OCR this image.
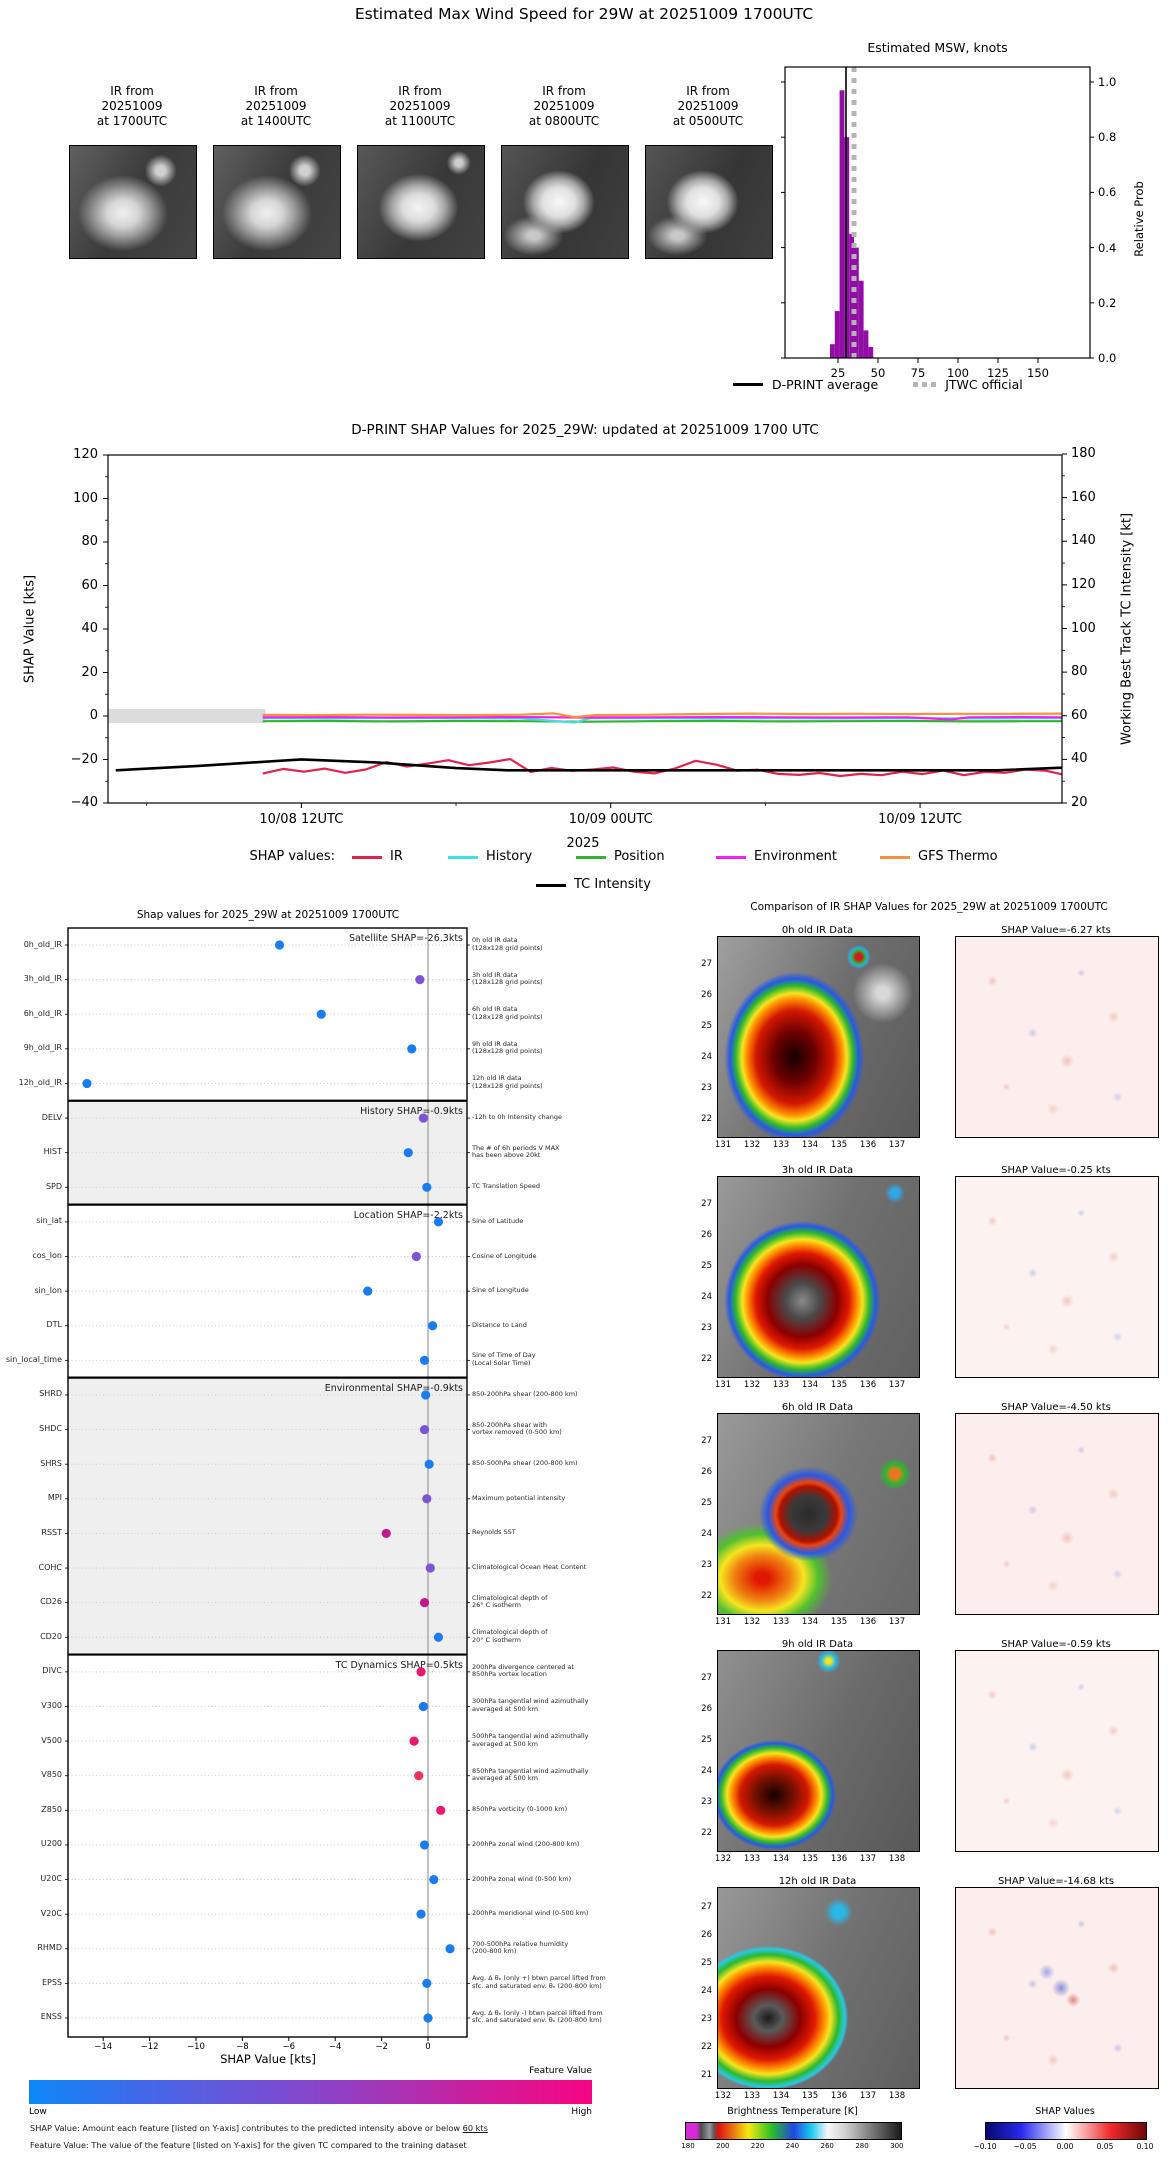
Estimated Max Wind Speed for 29W at 20251009 1700UTC
Estimated MSW, knots
Relative Prob
D-PRINT average	JTWC official
D-PRINT SHAP Values for 2025_29W: updated at 20251009 1700 UTC
SHAP Value [kts]	Working Best Track TC Intensity [kt]
2025
SHAP values:
Shap values for 2025_29W at 20251009 1700UTC
SHAP Value [kts]
Feature Value
Low	High
SHAP Value: Amount each feature [listed on Y-axis] contributes to the predicted intensity above or below 60 kts
Feature Value: The value of the feature [listed on Y-axis] for the given TC compared to the training dataset
Comparison of IR SHAP Values for 2025_29W at 20251009 1700UTC
Brightness Temperature [K]	SHAP Values
IR from
20251009
at 1700UTC
IR from
20251009
at 1400UTC
IR from
20251009
at 1100UTC
IR from
20251009
at 0800UTC
IR from
20251009
at 0500UTC
25	50	75	100	125	150
0.0
0.2
0.4
0.6
0.8
1.0
120
100
80
60
40
20
0
−20
−40
180
160
140
120
100
80
60
40
20
10/08 12UTC	10/09 00UTC	10/09 12UTC
IR	History	Position	Environment	GFS Thermo
TC Intensity
0h_old_IR	0h old IR data
(128x128 grid points)
3h_old_IR	3h old IR data
(128x128 grid points)
6h_old_IR	6h old IR data
(128x128 grid points)
9h_old_IR	9h old IR data
(128x128 grid points)
12h_old_IR	12h old IR data
(128x128 grid points)
Satellite SHAP=-26.3kts
DELV	-12h to 0h Intensity change
HIST	The # of 6h periods V MAX
has been above 20kt
SPD	TC Translation Speed
History SHAP=-0.9kts
sin_lat	Sine of Latitude
cos_lon	Cosine of Longitude
sin_lon	Sine of Longitude
DTL	Distance to Land
sin_local_time	Sine of Time of Day
(Local Solar Time)
Location SHAP=-2.2kts
SHRD	850-200hPa shear (200-800 km)
SHDC	850-200hPa shear with
vortex removed (0-500 km)
SHRS	850-500hPa shear (200-800 km)
MPI	Maximum potential intensity
RSST	Reynolds SST
COHC	Climatological Ocean Heat Content
CD26	Climatological depth of
26° C isotherm
CD20	Climatological depth of
20° C isotherm
Environmental SHAP=-0.9kts
DIVC	200hPa divergence centered at
850hPa vortex location
V300	300hPa tangential wind azimuthally
averaged at 500 km
V500	500hPa tangential wind azimuthally
averaged at 500 km
V850	850hPa tangential wind azimuthally
averaged at 500 km
Z850	850hPa vorticity (0-1000 km)
U200	200hPa zonal wind (200-800 km)
U20C	200hPa zonal wind (0-500 km)
V20C	200hPa meridional wind (0-500 km)
RHMD	700-500hPa relative humidity
(200-800 km)
EPSS	Avg. Δ θₑ (only +) btwn parcel lifted from
sfc. and saturated env. θₑ (200-800 km)
ENSS	Avg. Δ θₑ (only -) btwn parcel lifted from
sfc. and saturated env. θₑ (200-800 km)
TC Dynamics SHAP=0.5kts
−14	−12	−10	−8	−6	−4	−2	0
0h old IR Data	SHAP Value=-6.27 kts
27
26
25
24
23
22
131	132	133	134	135	136	137
3h old IR Data	SHAP Value=-0.25 kts
27
26
25
24
23
22
131	132	133	134	135	136	137
6h old IR Data	SHAP Value=-4.50 kts
27
26
25
24
23
22
131	132	133	134	135	136	137
9h old IR Data	SHAP Value=-0.59 kts
27
26
25
24
23
22
132	133	134	135	136	137	138
12h old IR Data	SHAP Value=-14.68 kts
27
26
25
24
23
22
21
132	133	134	135	136	137	138
180	200	220	240	260	280	300	−0.10	−0.05	0.00	0.05	0.10
